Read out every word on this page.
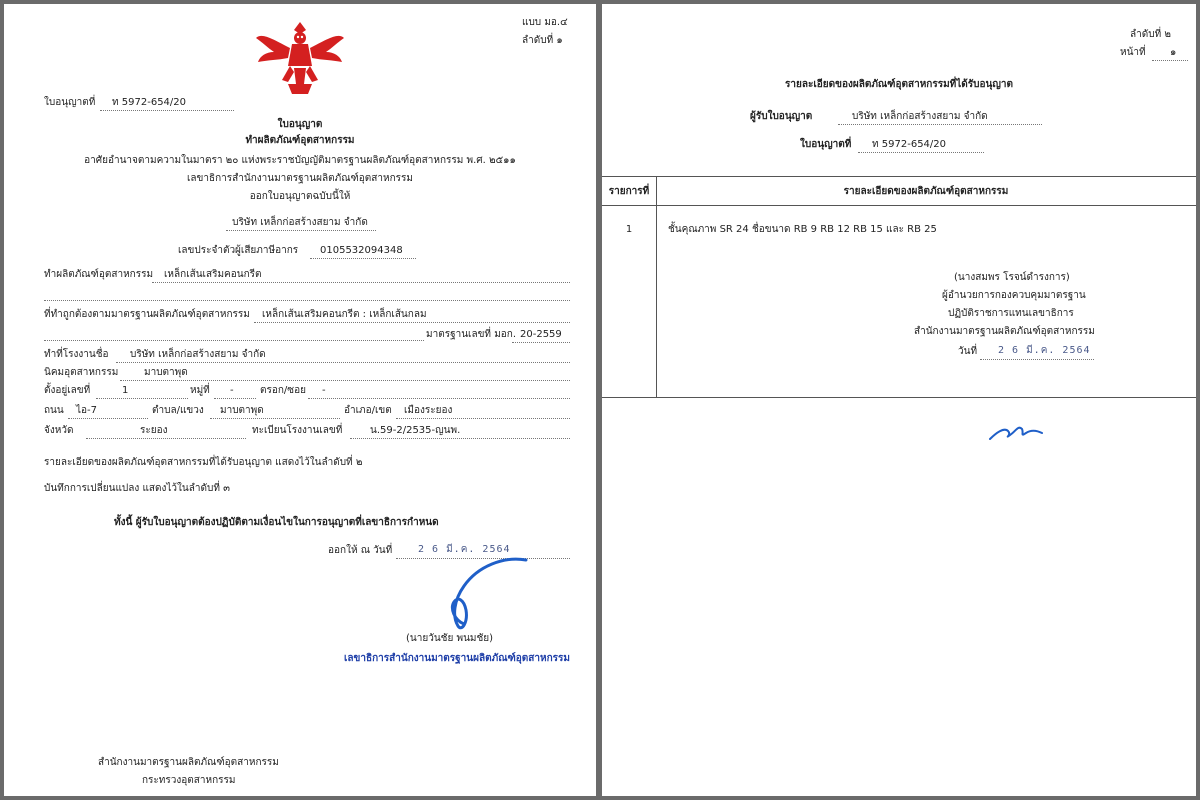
แบบ มอ.๔
ลำดับที่ ๑
ใบอนุญาตที่ ท 5972-654/20
ใบอนุญาต
ทำผลิตภัณฑ์อุตสาหกรรม
อาศัยอำนาจตามความในมาตรา ๒๐ แห่งพระราชบัญญัติมาตรฐานผลิตภัณฑ์อุตสาหกรรม พ.ศ. ๒๕๑๑
เลขาธิการสำนักงานมาตรฐานผลิตภัณฑ์อุตสาหกรรม
ออกใบอนุญาตฉบับนี้ให้
บริษัท เหล็กก่อสร้างสยาม จำกัด
เลขประจำตัวผู้เสียภาษีอากร 0105532094348
ทำผลิตภัณฑ์อุตสาหกรรม เหล็กเส้นเสริมคอนกรีต
ที่ทำถูกต้องตามมาตรฐานผลิตภัณฑ์อุตสาหกรรม เหล็กเส้นเสริมคอนกรีต : เหล็กเส้นกลม
มาตรฐานเลขที่ มอก. 20-2559
ทำที่โรงงานชื่อ บริษัท เหล็กก่อสร้างสยาม จำกัด
นิคมอุตสาหกรรม	มาบตาพุด
ตั้งอยู่เลขที่	1	หมู่ที่ -	ตรอก/ซอย -
ถนน ไอ-7	ตำบล/แขวง มาบตาพุด	อำเภอ/เขต เมืองระยอง
จังหวัด	ระยอง	ทะเบียนโรงงานเลขที่	น.59-2/2535-ญนพ.
รายละเอียดของผลิตภัณฑ์อุตสาหกรรมที่ได้รับอนุญาต แสดงไว้ในลำดับที่ ๒
บันทึกการเปลี่ยนแปลง แสดงไว้ในลำดับที่ ๓
ทั้งนี้ ผู้รับใบอนุญาตต้องปฏิบัติตามเงื่อนไขในการอนุญาตที่เลขาธิการกำหนด
ออกให้ ณ วันที่	2 6 มี.ค. 2564
(นายวันชัย พนมชัย)
เลขาธิการสำนักงานมาตรฐานผลิตภัณฑ์อุตสาหกรรม
สำนักงานมาตรฐานผลิตภัณฑ์อุตสาหกรรม
กระทรวงอุตสาหกรรม
ลำดับที่ ๒
หน้าที่ ๑
รายละเอียดของผลิตภัณฑ์อุตสาหกรรมที่ได้รับอนุญาต
ผู้รับใบอนุญาต	บริษัท เหล็กก่อสร้างสยาม จำกัด
ใบอนุญาตที่ ท 5972-654/20
รายการที่	รายละเอียดของผลิตภัณฑ์อุตสาหกรรม
1	ชั้นคุณภาพ SR 24 ชื่อขนาด RB 9 RB 12 RB 15 และ RB 25
(นางสมพร โรจน์ดำรงการ)
ผู้อำนวยการกองควบคุมมาตรฐาน
ปฏิบัติราชการแทนเลขาธิการ
สำนักงานมาตรฐานผลิตภัณฑ์อุตสาหกรรม
วันที่ 2 6 มี.ค. 2564
